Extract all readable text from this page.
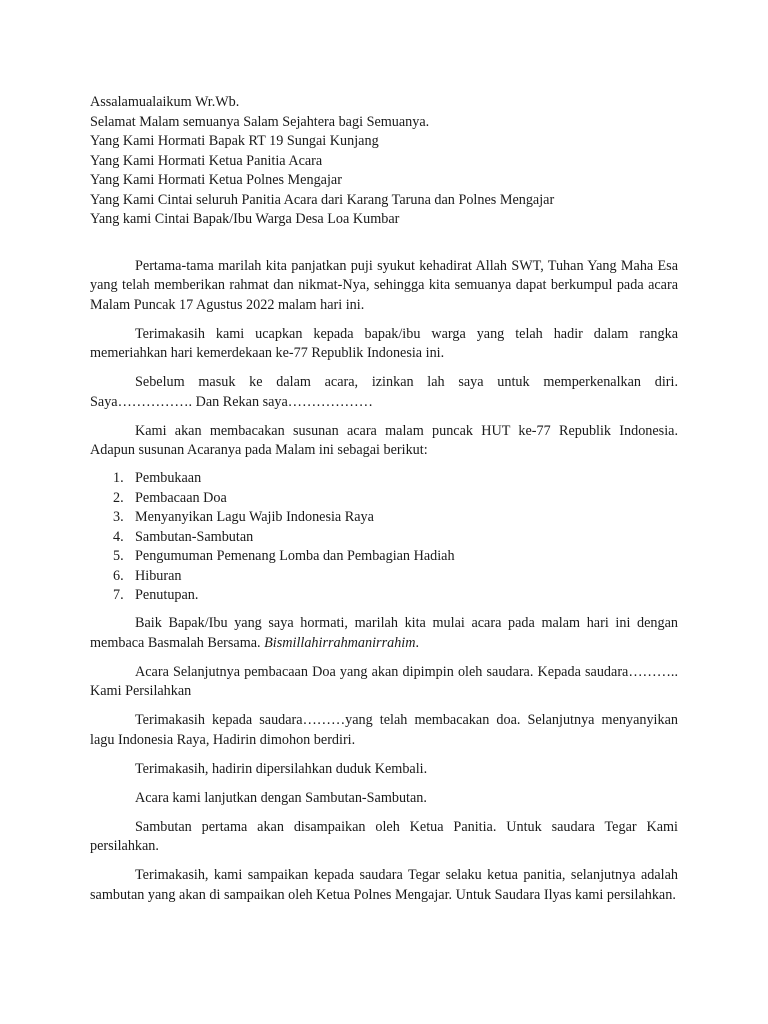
Assalamualaikum Wr.Wb.
Selamat Malam semuanya Salam Sejahtera bagi Semuanya.
Yang Kami Hormati Bapak RT 19 Sungai Kunjang
Yang Kami Hormati Ketua Panitia Acara
Yang Kami Hormati Ketua Polnes Mengajar
Yang Kami Cintai seluruh Panitia Acara dari Karang Taruna dan Polnes Mengajar
Yang kami Cintai Bapak/Ibu Warga Desa Loa Kumbar

Pertama-tama marilah kita panjatkan puji syukut kehadirat Allah SWT, Tuhan Yang Maha Esa yang telah memberikan rahmat dan nikmat-Nya, sehingga kita semuanya dapat berkumpul pada acara Malam Puncak 17 Agustus 2022 malam hari ini.

Terimakasih kami ucapkan kepada bapak/ibu warga yang telah hadir dalam rangka memeriahkan hari kemerdekaan ke-77 Republik Indonesia ini.

Sebelum masuk ke dalam acara, izinkan lah saya untuk memperkenalkan diri. Saya……………. Dan Rekan saya………………

Kami akan membacakan susunan acara malam puncak HUT ke-77 Republik Indonesia. Adapun susunan Acaranya pada Malam ini sebagai berikut:

1. Pembukaan
2. Pembacaan Doa
3. Menyanyikan Lagu Wajib Indonesia Raya
4. Sambutan-Sambutan
5. Pengumuman Pemenang Lomba dan Pembagian Hadiah
6. Hiburan
7. Penutupan.

Baik Bapak/Ibu yang saya hormati, marilah kita mulai acara pada malam hari ini dengan membaca Basmalah Bersama. Bismillahirrahmanirrahim.

Acara Selanjutnya pembacaan Doa yang akan dipimpin oleh saudara. Kepada saudara……….. Kami Persilahkan

Terimakasih kepada saudara………yang telah membacakan doa. Selanjutnya menyanyikan lagu Indonesia Raya, Hadirin dimohon berdiri.

Terimakasih, hadirin dipersilahkan duduk Kembali.

Acara kami lanjutkan dengan Sambutan-Sambutan.

Sambutan pertama akan disampaikan oleh Ketua Panitia. Untuk saudara Tegar Kami persilahkan.

Terimakasih, kami sampaikan kepada saudara Tegar selaku ketua panitia, selanjutnya adalah sambutan yang akan di sampaikan oleh Ketua Polnes Mengajar. Untuk Saudara Ilyas kami persilahkan.
